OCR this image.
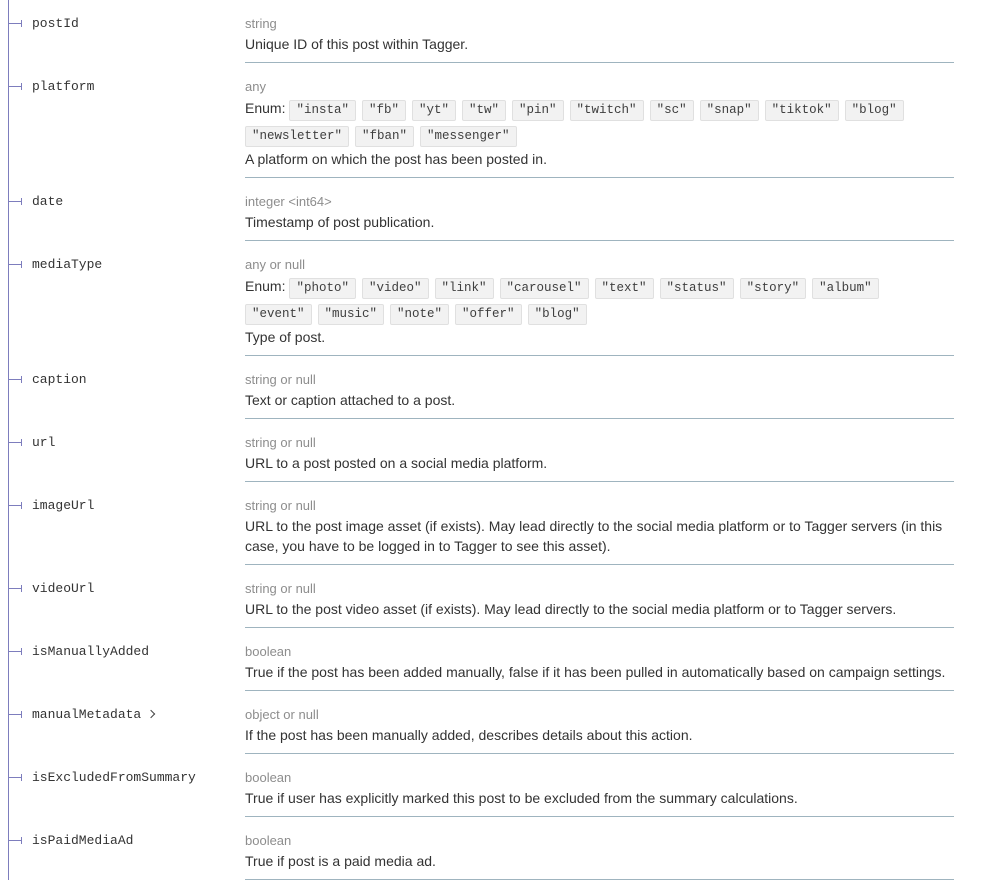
postId	string
Unique ID of this post within Tagger.
platform	any
Enum: "insta" "fb" "yt" "tw" "pin" "twitch" "sc" "snap" "tiktok" "blog""newsletter" "fban" "messenger"
A platform on which the post has been posted in.
date	integer <int64>
Timestamp of post publication.
mediaType	any or null
Enum: "photo" "video" "link" "carousel" "text" "status" "story" "album""event" "music" "note" "offer" "blog"
Type of post.
caption	string or null
Text or caption attached to a post.
url	string or null
URL to a post posted on a social media platform.
imageUrl	string or null
URL to the post image asset (if exists). May lead directly to the social media platform or to Tagger servers (in this case, you have to be logged in to Tagger to see this asset).
videoUrl	string or null
URL to the post video asset (if exists). May lead directly to the social media platform or to Tagger servers.
isManuallyAdded	boolean
True if the post has been added manually, false if it has been pulled in automatically based on campaign settings.
manualMetadata	object or null
If the post has been manually added, describes details about this action.
isExcludedFromSummary	boolean
True if user has explicitly marked this post to be excluded from the summary calculations.
isPaidMediaAd	boolean
True if post is a paid media ad.
